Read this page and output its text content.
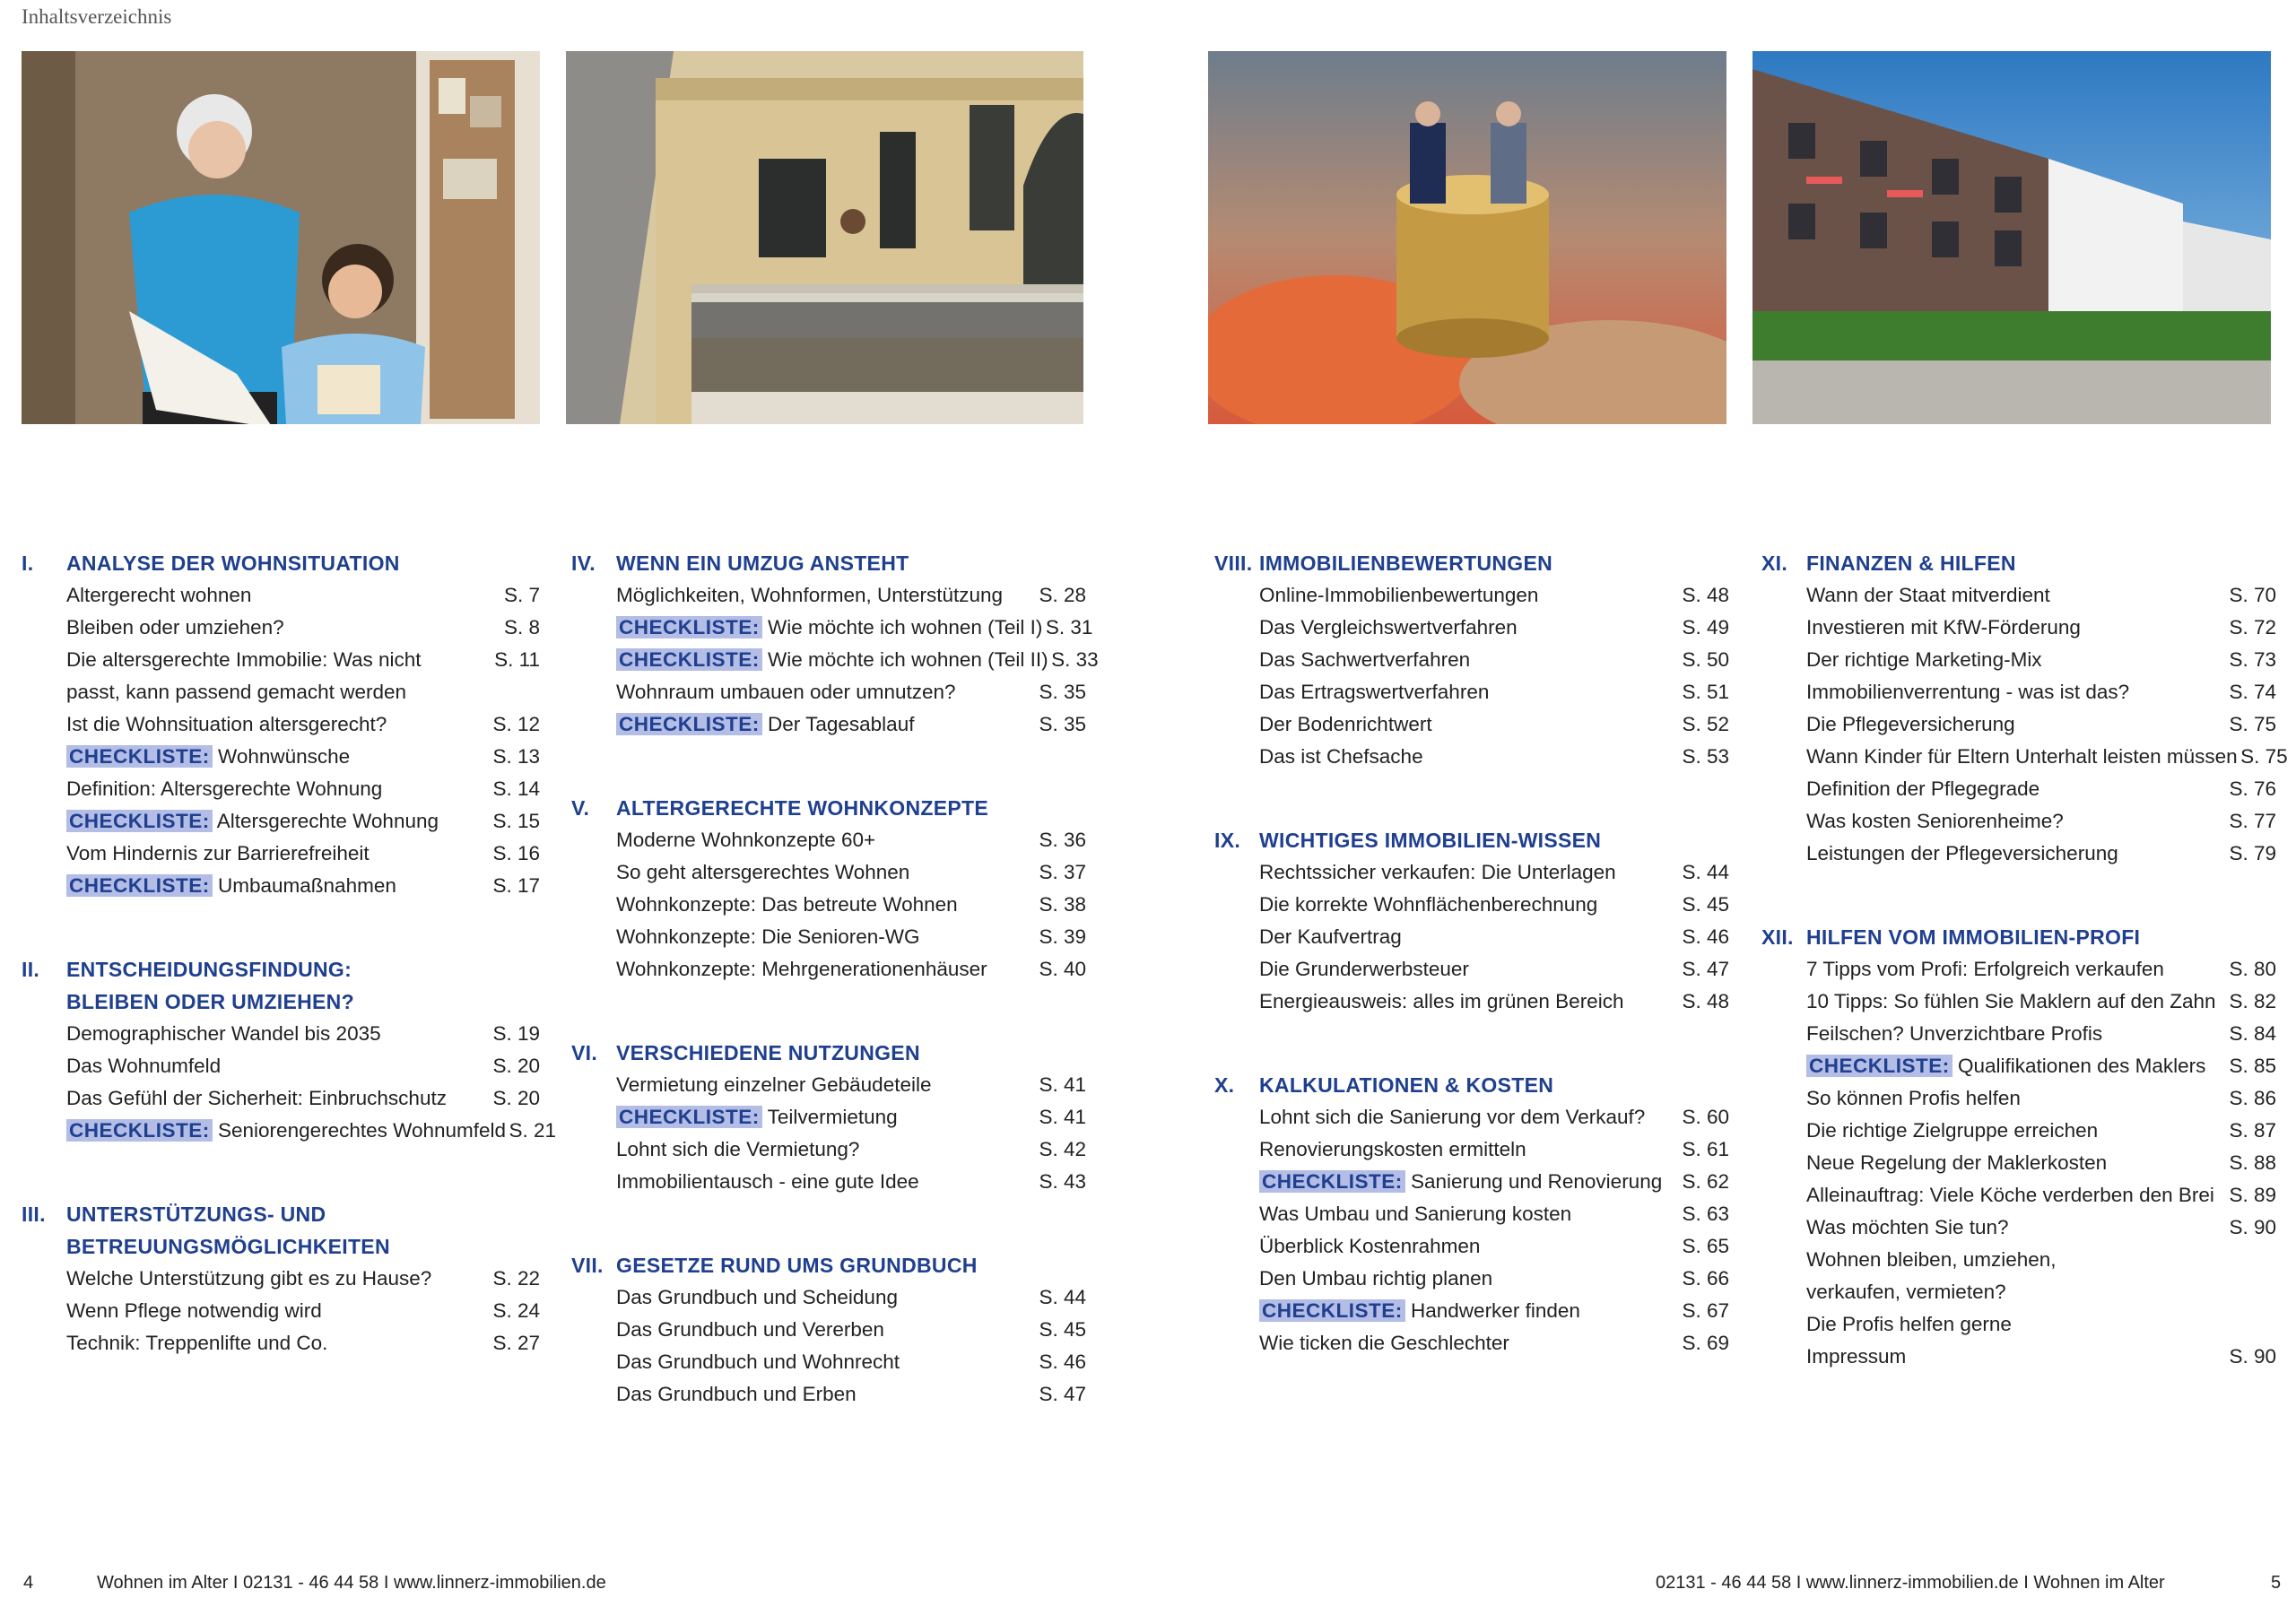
Inhaltsverzeichnis
I.	ANALYSE DER WOHNSITUATION
Altergerecht wohnen	S. 7
Bleiben oder umziehen?	S. 8
Die altersgerechte Immobilie: Was nicht	S. 11
passt, kann passend gemacht werden
Ist die Wohnsituation altersgerecht?	S. 12
CHECKLISTE: Wohnwünsche	S. 13
Definition: Altersgerechte Wohnung	S. 14
CHECKLISTE: Altersgerechte Wohnung	S. 15
Vom Hindernis zur Barrierefreiheit	S. 16
CHECKLISTE: Umbaumaßnahmen	S. 17
II.	ENTSCHEIDUNGSFINDUNG:
BLEIBEN ODER UMZIEHEN?
Demographischer Wandel bis 2035	S. 19
Das Wohnumfeld	S. 20
Das Gefühl der Sicherheit: Einbruchschutz	S. 20
CHECKLISTE: Seniorengerechtes Wohnumfeld S. 21
III.	UNTERSTÜTZUNGS- UND
BETREUUNGSMÖGLICHKEITEN
Welche Unterstützung gibt es zu Hause?	S. 22
Wenn Pflege notwendig wird	S. 24
Technik: Treppenlifte und Co.	S. 27
IV.	WENN EIN UMZUG ANSTEHT
Möglichkeiten, Wohnformen, Unterstützung	S. 28
CHECKLISTE: Wie möchte ich wohnen (Teil I) S. 31
CHECKLISTE: Wie möchte ich wohnen (Teil II) S. 33
Wohnraum umbauen oder umnutzen?	S. 35
CHECKLISTE: Der Tagesablauf	S. 35
V.	ALTERGERECHTE WOHNKONZEPTE
Moderne Wohnkonzepte 60+	S. 36
So geht altersgerechtes Wohnen	S. 37
Wohnkonzepte: Das betreute Wohnen	S. 38
Wohnkonzepte: Die Senioren-WG	S. 39
Wohnkonzepte: Mehrgenerationenhäuser	S. 40
VI. VERSCHIEDENE NUTZUNGEN
Vermietung einzelner Gebäudeteile	S. 41
CHECKLISTE: Teilvermietung	S. 41
Lohnt sich die Vermietung?	S. 42
Immobilientausch - eine gute Idee	S. 43
VII. GESETZE RUND UMS GRUNDBUCH
Das Grundbuch und Scheidung	S. 44
Das Grundbuch und Vererben	S. 45
Das Grundbuch und Wohnrecht	S. 46
Das Grundbuch und Erben	S. 47
VIII. IMMOBILIENBEWERTUNGEN
Online-Immobilienbewertungen	S. 48
Das Vergleichswertverfahren	S. 49
Das Sachwertverfahren	S. 50
Das Ertragswertverfahren	S. 51
Der Bodenrichtwert	S. 52
Das ist Chefsache	S. 53
IX. WICHTIGES IMMOBILIEN-WISSEN
Rechtssicher verkaufen: Die Unterlagen	S. 44
Die korrekte Wohnflächenberechnung	S. 45
Der Kaufvertrag	S. 46
Die Grunderwerbsteuer	S. 47
Energieausweis: alles im grünen Bereich	S. 48
X.	KALKULATIONEN & KOSTEN
Lohnt sich die Sanierung vor dem Verkauf?	S. 60
Renovierungskosten ermitteln	S. 61
CHECKLISTE: Sanierung und Renovierung S. 62
Was Umbau und Sanierung kosten	S. 63
Überblick Kostenrahmen	S. 65
Den Umbau richtig planen	S. 66
CHECKLISTE: Handwerker finden	S. 67
Wie ticken die Geschlechter	S. 69
XI. FINANZEN & HILFEN
Wann der Staat mitverdient	S. 70
Investieren mit KfW-Förderung	S. 72
Der richtige Marketing-Mix	S. 73
Immobilienverrentung - was ist das?	S. 74
Die Pflegeversicherung	S. 75
Wann Kinder für Eltern Unterhalt leisten müssen S. 75
Definition der Pflegegrade	S. 76
Was kosten Seniorenheime?	S. 77
Leistungen der Pflegeversicherung	S. 79
XII. HILFEN VOM IMMOBILIEN-PROFI
7 Tipps vom Profi: Erfolgreich verkaufen	S. 80
10 Tipps: So fühlen Sie Maklern auf den Zahn S. 82
Feilschen? Unverzichtbare Profis	S. 84
CHECKLISTE: Qualifikationen des Maklers	S. 85
So können Profis helfen	S. 86
Die richtige Zielgruppe erreichen	S. 87
Neue Regelung der Maklerkosten	S. 88
Alleinauftrag: Viele Köche verderben den Brei S. 89
Was möchten Sie tun?	S. 90
Wohnen bleiben, umziehen,
verkaufen, vermieten?
Die Profis helfen gerne
Impressum	S. 90
4	Wohnen im Alter I 02131 - 46 44 58 I www.linnerz-immobilien.de	02131 - 46 44 58 I www.linnerz-immobilien.de I Wohnen im Alter	5
